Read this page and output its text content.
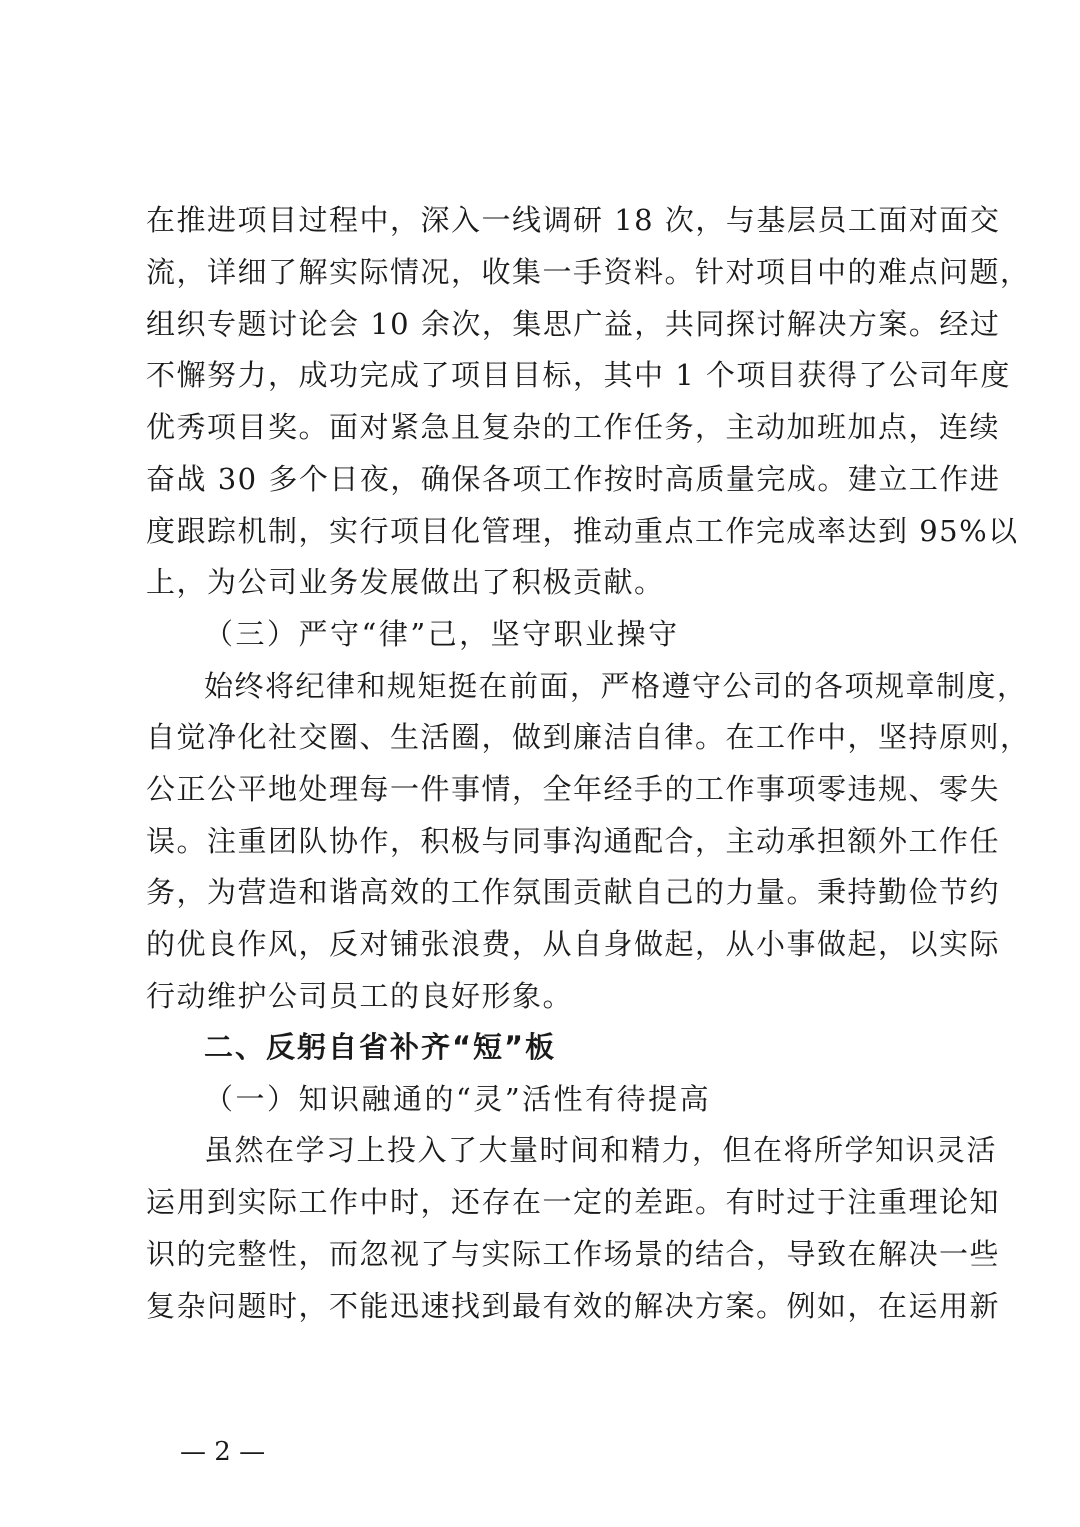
在推进项目过程中，深入一线调研 18 次，与基层员工面对面交
流，详细了解实际情况，收集一手资料。针对项目中的难点问题，
组织专题讨论会 10 余次，集思广益，共同探讨解决方案。经过
不懈努力，成功完成了项目目标，其中 1 个项目获得了公司年度
优秀项目奖。面对紧急且复杂的工作任务，主动加班加点，连续
奋战 30 多个日夜，确保各项工作按时高质量完成。建立工作进
度跟踪机制，实行项目化管理，推动重点工作完成率达到 95%以
上，为公司业务发展做出了积极贡献。
（三）严守“律”己，坚守职业操守
始终将纪律和规矩挺在前面，严格遵守公司的各项规章制度，
自觉净化社交圈、生活圈，做到廉洁自律。在工作中，坚持原则，
公正公平地处理每一件事情，全年经手的工作事项零违规、零失
误。注重团队协作，积极与同事沟通配合，主动承担额外工作任
务，为营造和谐高效的工作氛围贡献自己的力量。秉持勤俭节约
的优良作风，反对铺张浪费，从自身做起，从小事做起，以实际
行动维护公司员工的良好形象。
二、反躬自省补齐“短”板
（一）知识融通的“灵”活性有待提高
虽然在学习上投入了大量时间和精力，但在将所学知识灵活
运用到实际工作中时，还存在一定的差距。有时过于注重理论知
识的完整性，而忽视了与实际工作场景的结合，导致在解决一些
复杂问题时，不能迅速找到最有效的解决方案。例如，在运用新
— 2 —
